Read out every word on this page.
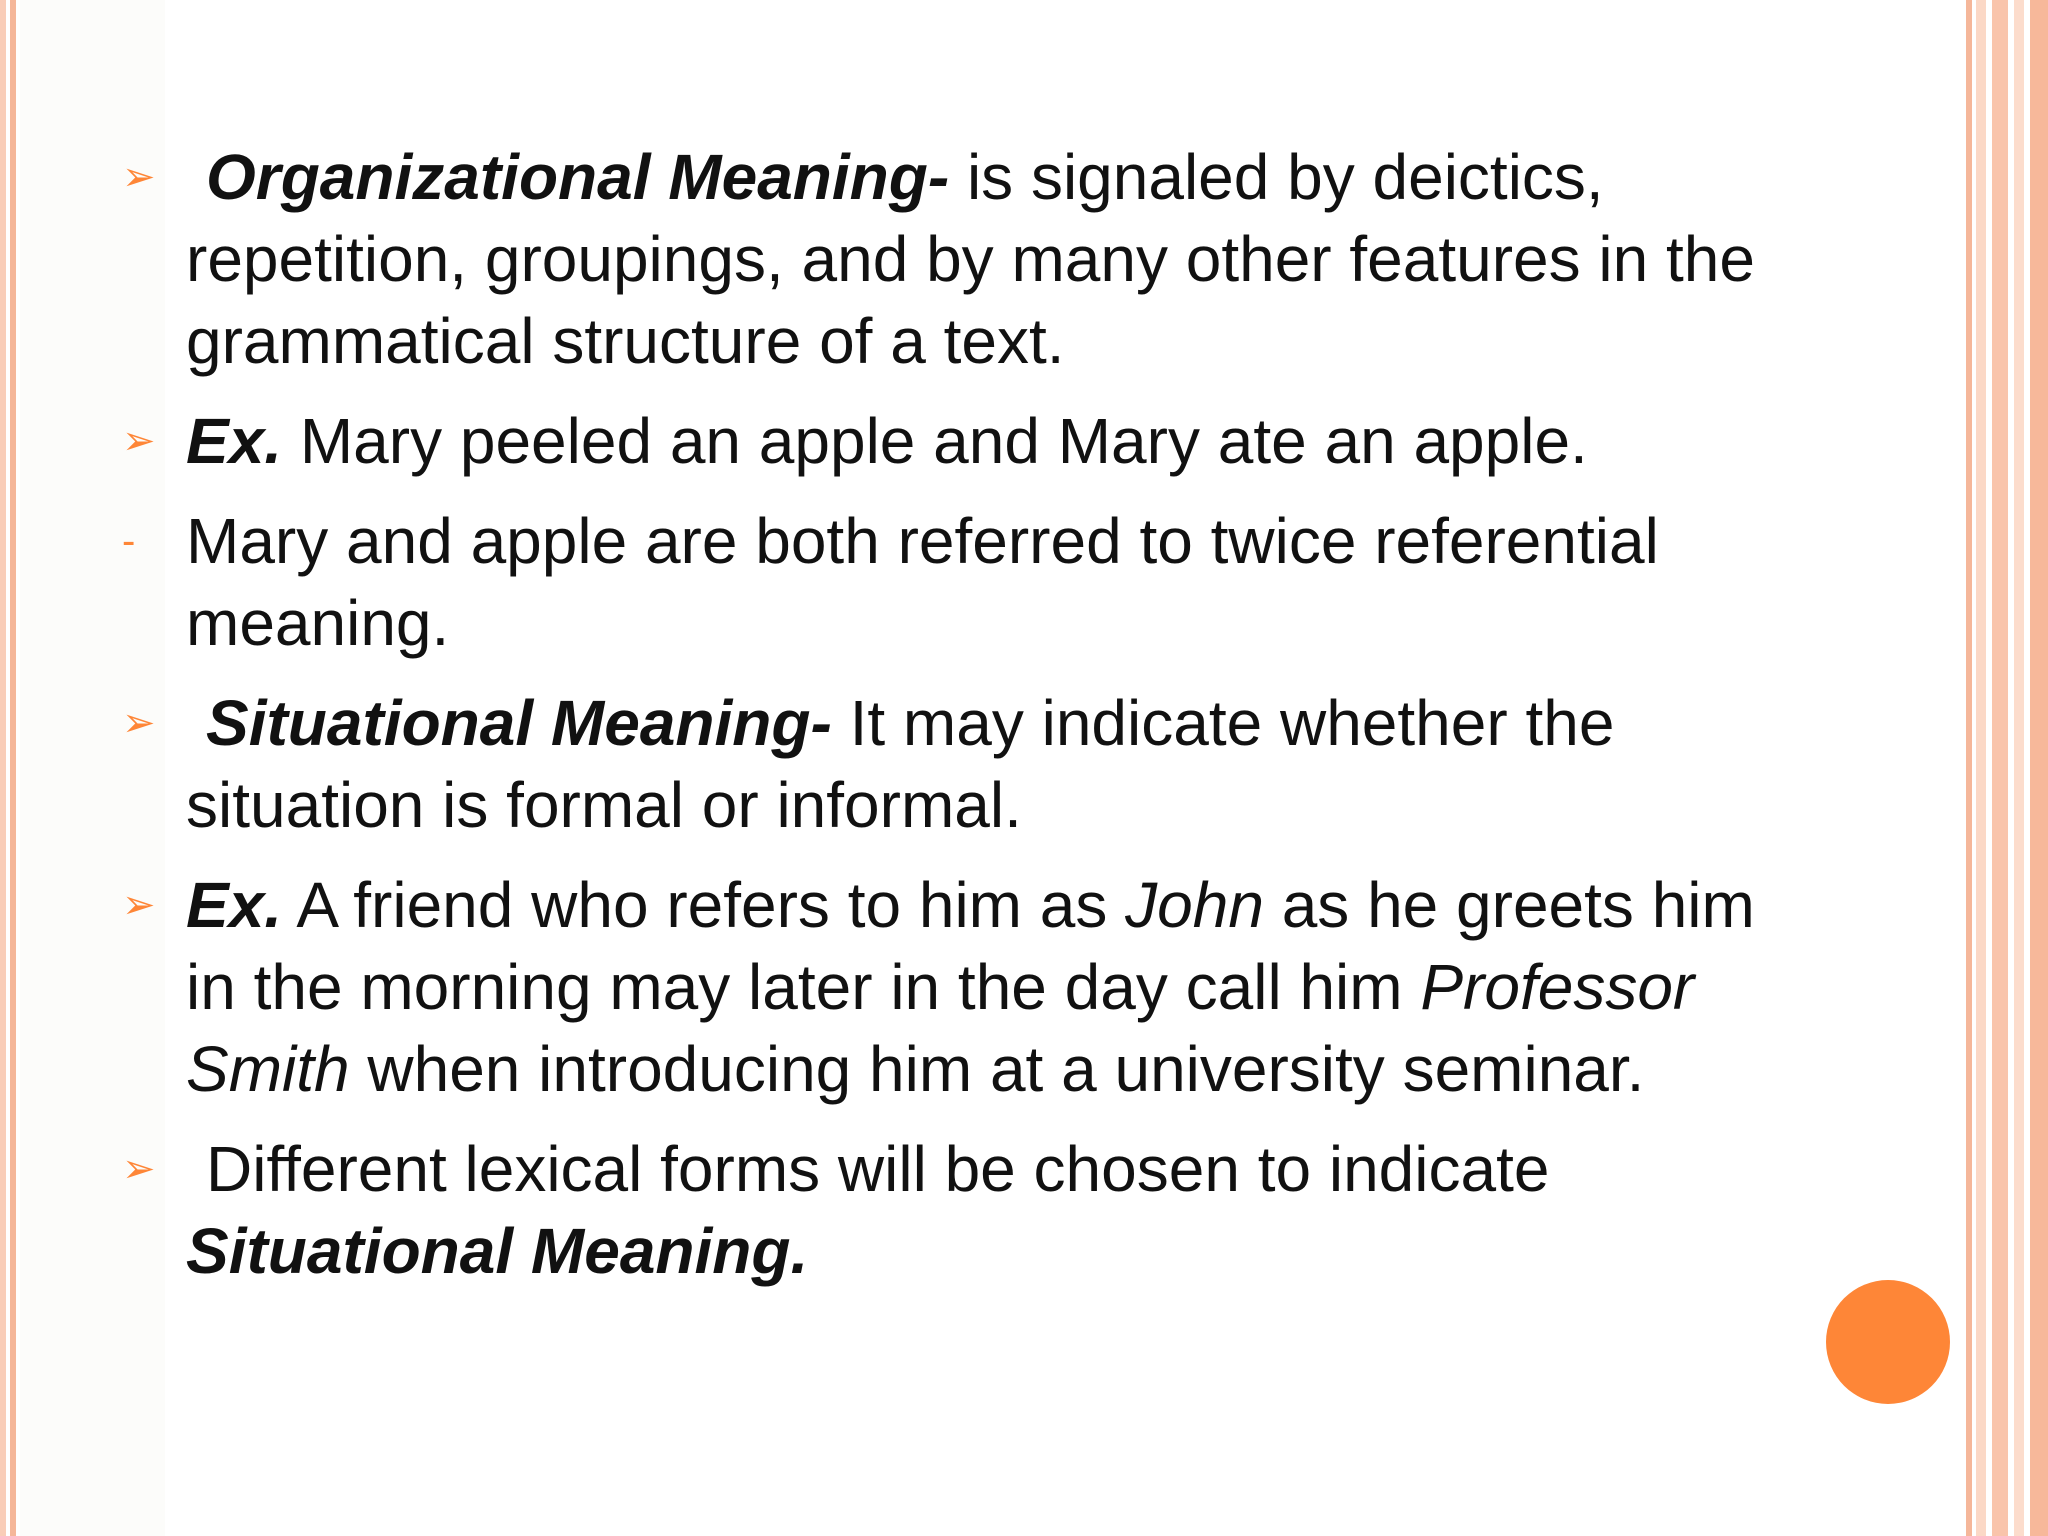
➢ Organizational Meaning- is signaled by deictics, repetition, groupings, and by many other features in the grammatical structure of a text.
➢ Ex. Mary peeled an apple and Mary ate an apple.
- Mary and apple are both referred to twice referential meaning.
➢ Situational Meaning- It may indicate whether the situation is formal or informal.
➢ Ex. A friend who refers to him as John as he greets him in the morning may later in the day call him Professor Smith when introducing him at a university seminar.
➢ Different lexical forms will be chosen to indicate Situational Meaning.
